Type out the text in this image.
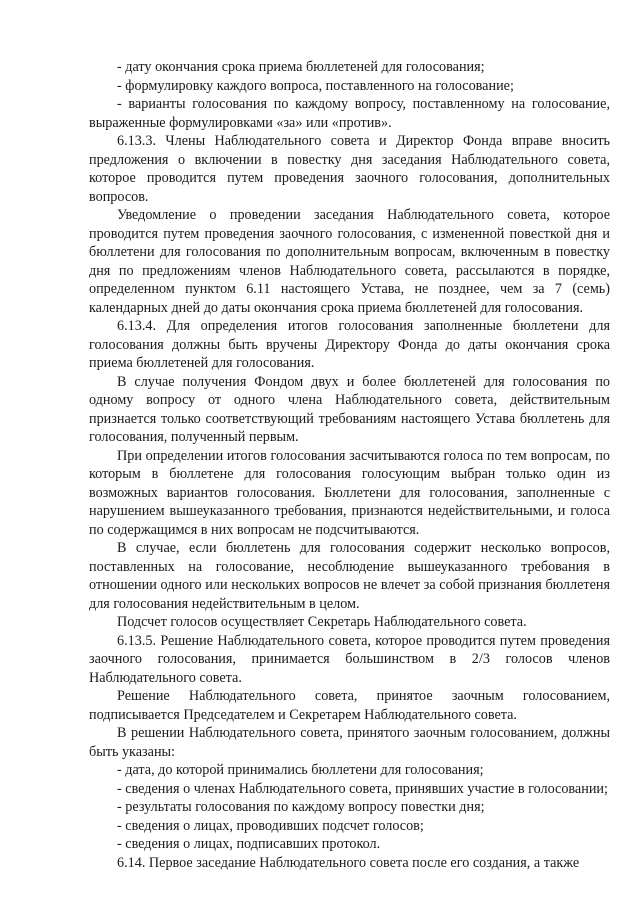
- дату окончания срока приема бюллетеней для голосования;

- формулировку каждого вопроса, поставленного на голосование;

- варианты голосования по каждому вопросу, поставленному на голосование, выраженные формулировками «за» или «против».

6.13.3. Члены Наблюдательного совета и Директор Фонда вправе вносить предложения о включении в повестку дня заседания Наблюдательного совета, которое проводится путем проведения заочного голосования, дополнительных вопросов.

Уведомление о проведении заседания Наблюдательного совета, которое проводится путем проведения заочного голосования, с измененной повесткой дня и бюллетени для голосования по дополнительным вопросам, включенным в повестку дня по предложениям членов Наблюдательного совета, рассылаются в порядке, определенном пунктом 6.11 настоящего Устава, не позднее, чем за 7 (семь) календарных дней до даты окончания срока приема бюллетеней для голосования.

6.13.4. Для определения итогов голосования заполненные бюллетени для голосования должны быть вручены Директору Фонда до даты окончания срока приема бюллетеней для голосования.

В случае получения Фондом двух и более бюллетеней для голосования по одному вопросу от одного члена Наблюдательного совета, действительным признается только соответствующий требованиям настоящего Устава бюллетень для голосования, полученный первым.

При определении итогов голосования засчитываются голоса по тем вопросам, по которым в бюллетене для голосования голосующим выбран только один из возможных вариантов голосования. Бюллетени для голосования, заполненные с нарушением вышеуказанного требования, признаются недействительными, и голоса по содержащимся в них вопросам не подсчитываются.

В случае, если бюллетень для голосования содержит несколько вопросов, поставленных на голосование, несоблюдение вышеуказанного требования в отношении одного или нескольких вопросов не влечет за собой признания бюллетеня для голосования недействительным в целом.

Подсчет голосов осуществляет Секретарь Наблюдательного совета.

6.13.5. Решение Наблюдательного совета, которое проводится путем проведения заочного голосования, принимается большинством в 2/3 голосов членов Наблюдательного совета.

Решение Наблюдательного совета, принятое заочным голосованием, подписывается Председателем и Секретарем Наблюдательного совета.

В решении Наблюдательного совета, принятого заочным голосованием, должны быть указаны:

- дата, до которой принимались бюллетени для голосования;

- сведения о членах Наблюдательного совета, принявших участие в голосовании;

- результаты голосования по каждому вопросу повестки дня;

- сведения о лицах, проводивших подсчет голосов;

- сведения о лицах, подписавших протокол.

6.14. Первое заседание Наблюдательного совета после его создания, а также
